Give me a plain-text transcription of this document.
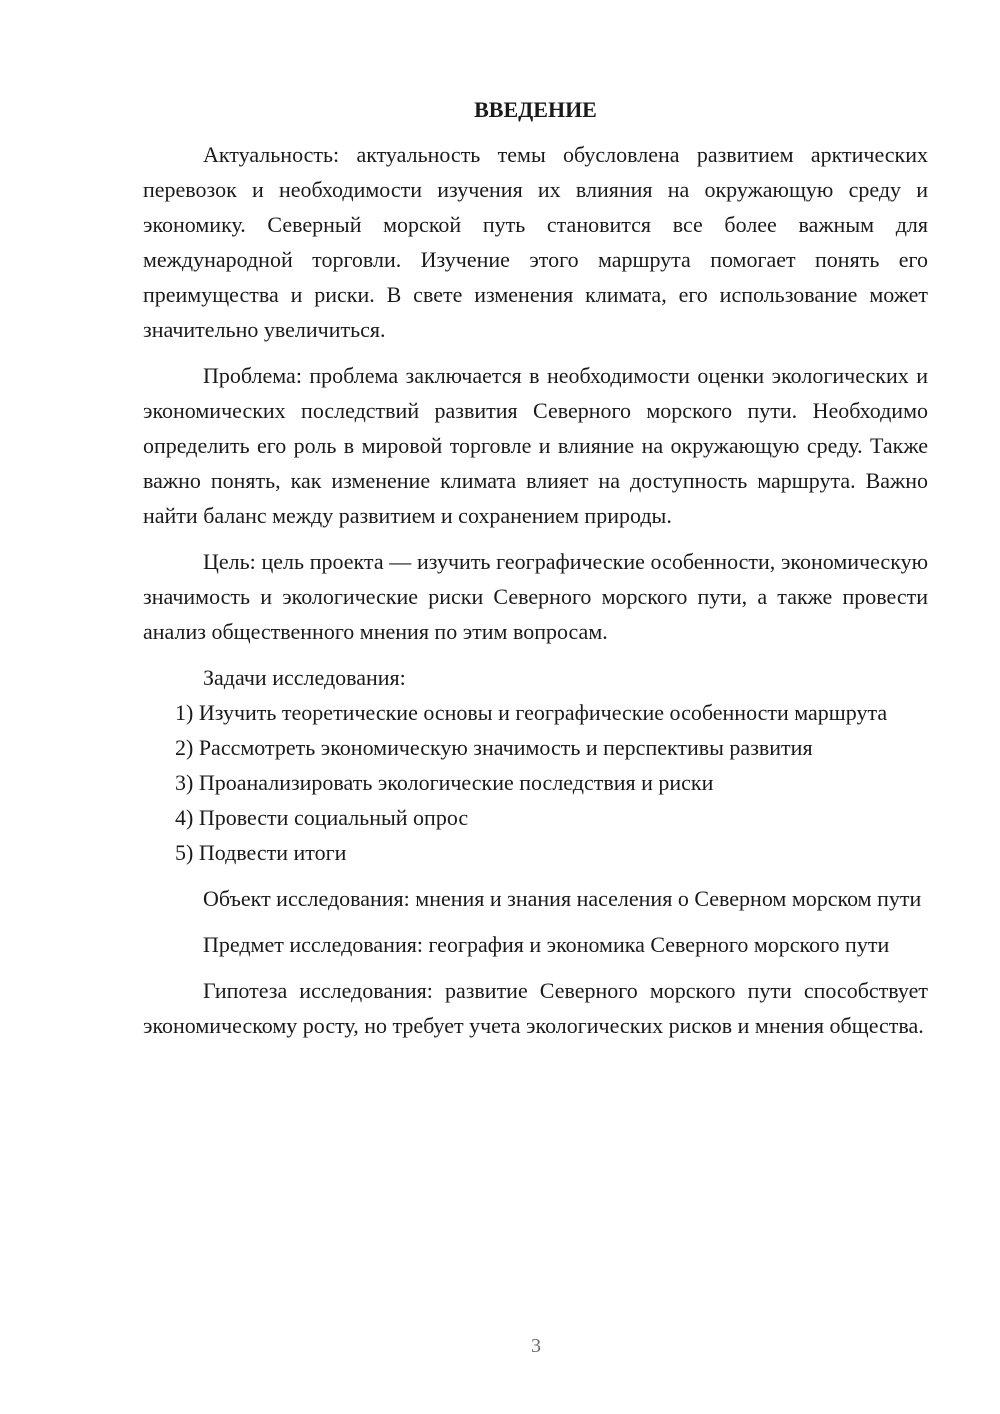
ВВЕДЕНИЕ

Актуальность: актуальность темы обусловлена развитием арктических перевозок и необходимости изучения их влияния на окружающую среду и экономику. Северный морской путь становится все более важным для международной торговли. Изучение этого маршрута помогает понять его преимущества и риски. В свете изменения климата, его использование может значительно увеличиться.

Проблема: проблема заключается в необходимости оценки экологических и экономических последствий развития Северного морского пути. Необходимо определить его роль в мировой торговле и влияние на окружающую среду. Также важно понять, как изменение климата влияет на доступность маршрута. Важно найти баланс между развитием и сохранением природы.

Цель: цель проекта — изучить географические особенности, экономическую значимость и экологические риски Северного морского пути, а также провести анализ общественного мнения по этим вопросам.

Задачи исследования:

1) Изучить теоретические основы и географические особенности маршрута

2) Рассмотреть экономическую значимость и перспективы развития

3) Проанализировать экологические последствия и риски

4) Провести социальный опрос

5) Подвести итоги

Объект исследования: мнения и знания населения о Северном морском пути

Предмет исследования: география и экономика Северного морского пути

Гипотеза исследования: развитие Северного морского пути способствует экономическому росту, но требует учета экологических рисков и мнения общества.

3
